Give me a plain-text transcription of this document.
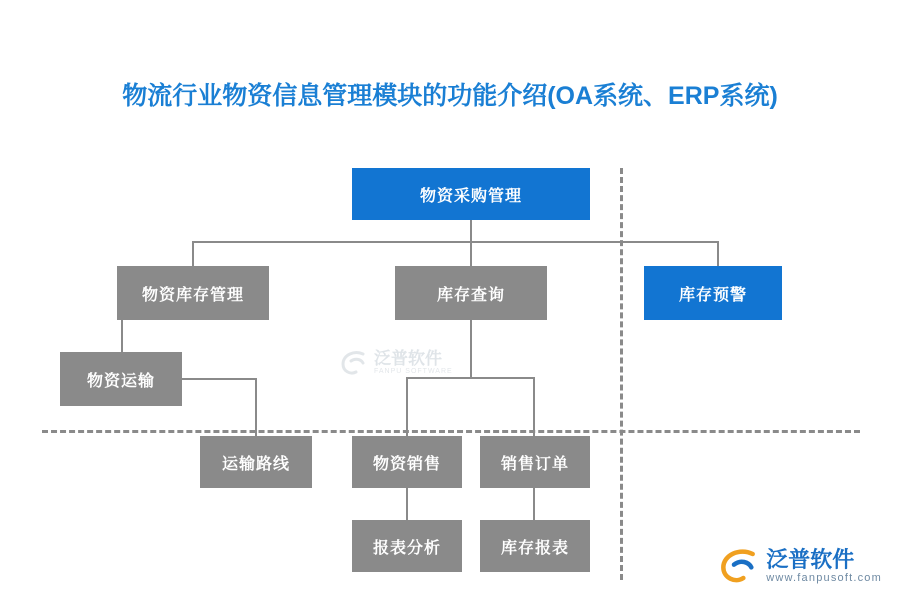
物流行业物资信息管理模块的功能介绍(OA系统、ERP系统)
物资采购管理
物资库存管理	库存查询	库存预警
物资运输
运输路线	物资销售	销售订单
报表分析	库存报表
泛普软件
FANPU SOFTWARE
泛普软件
www.fanpusoft.com
